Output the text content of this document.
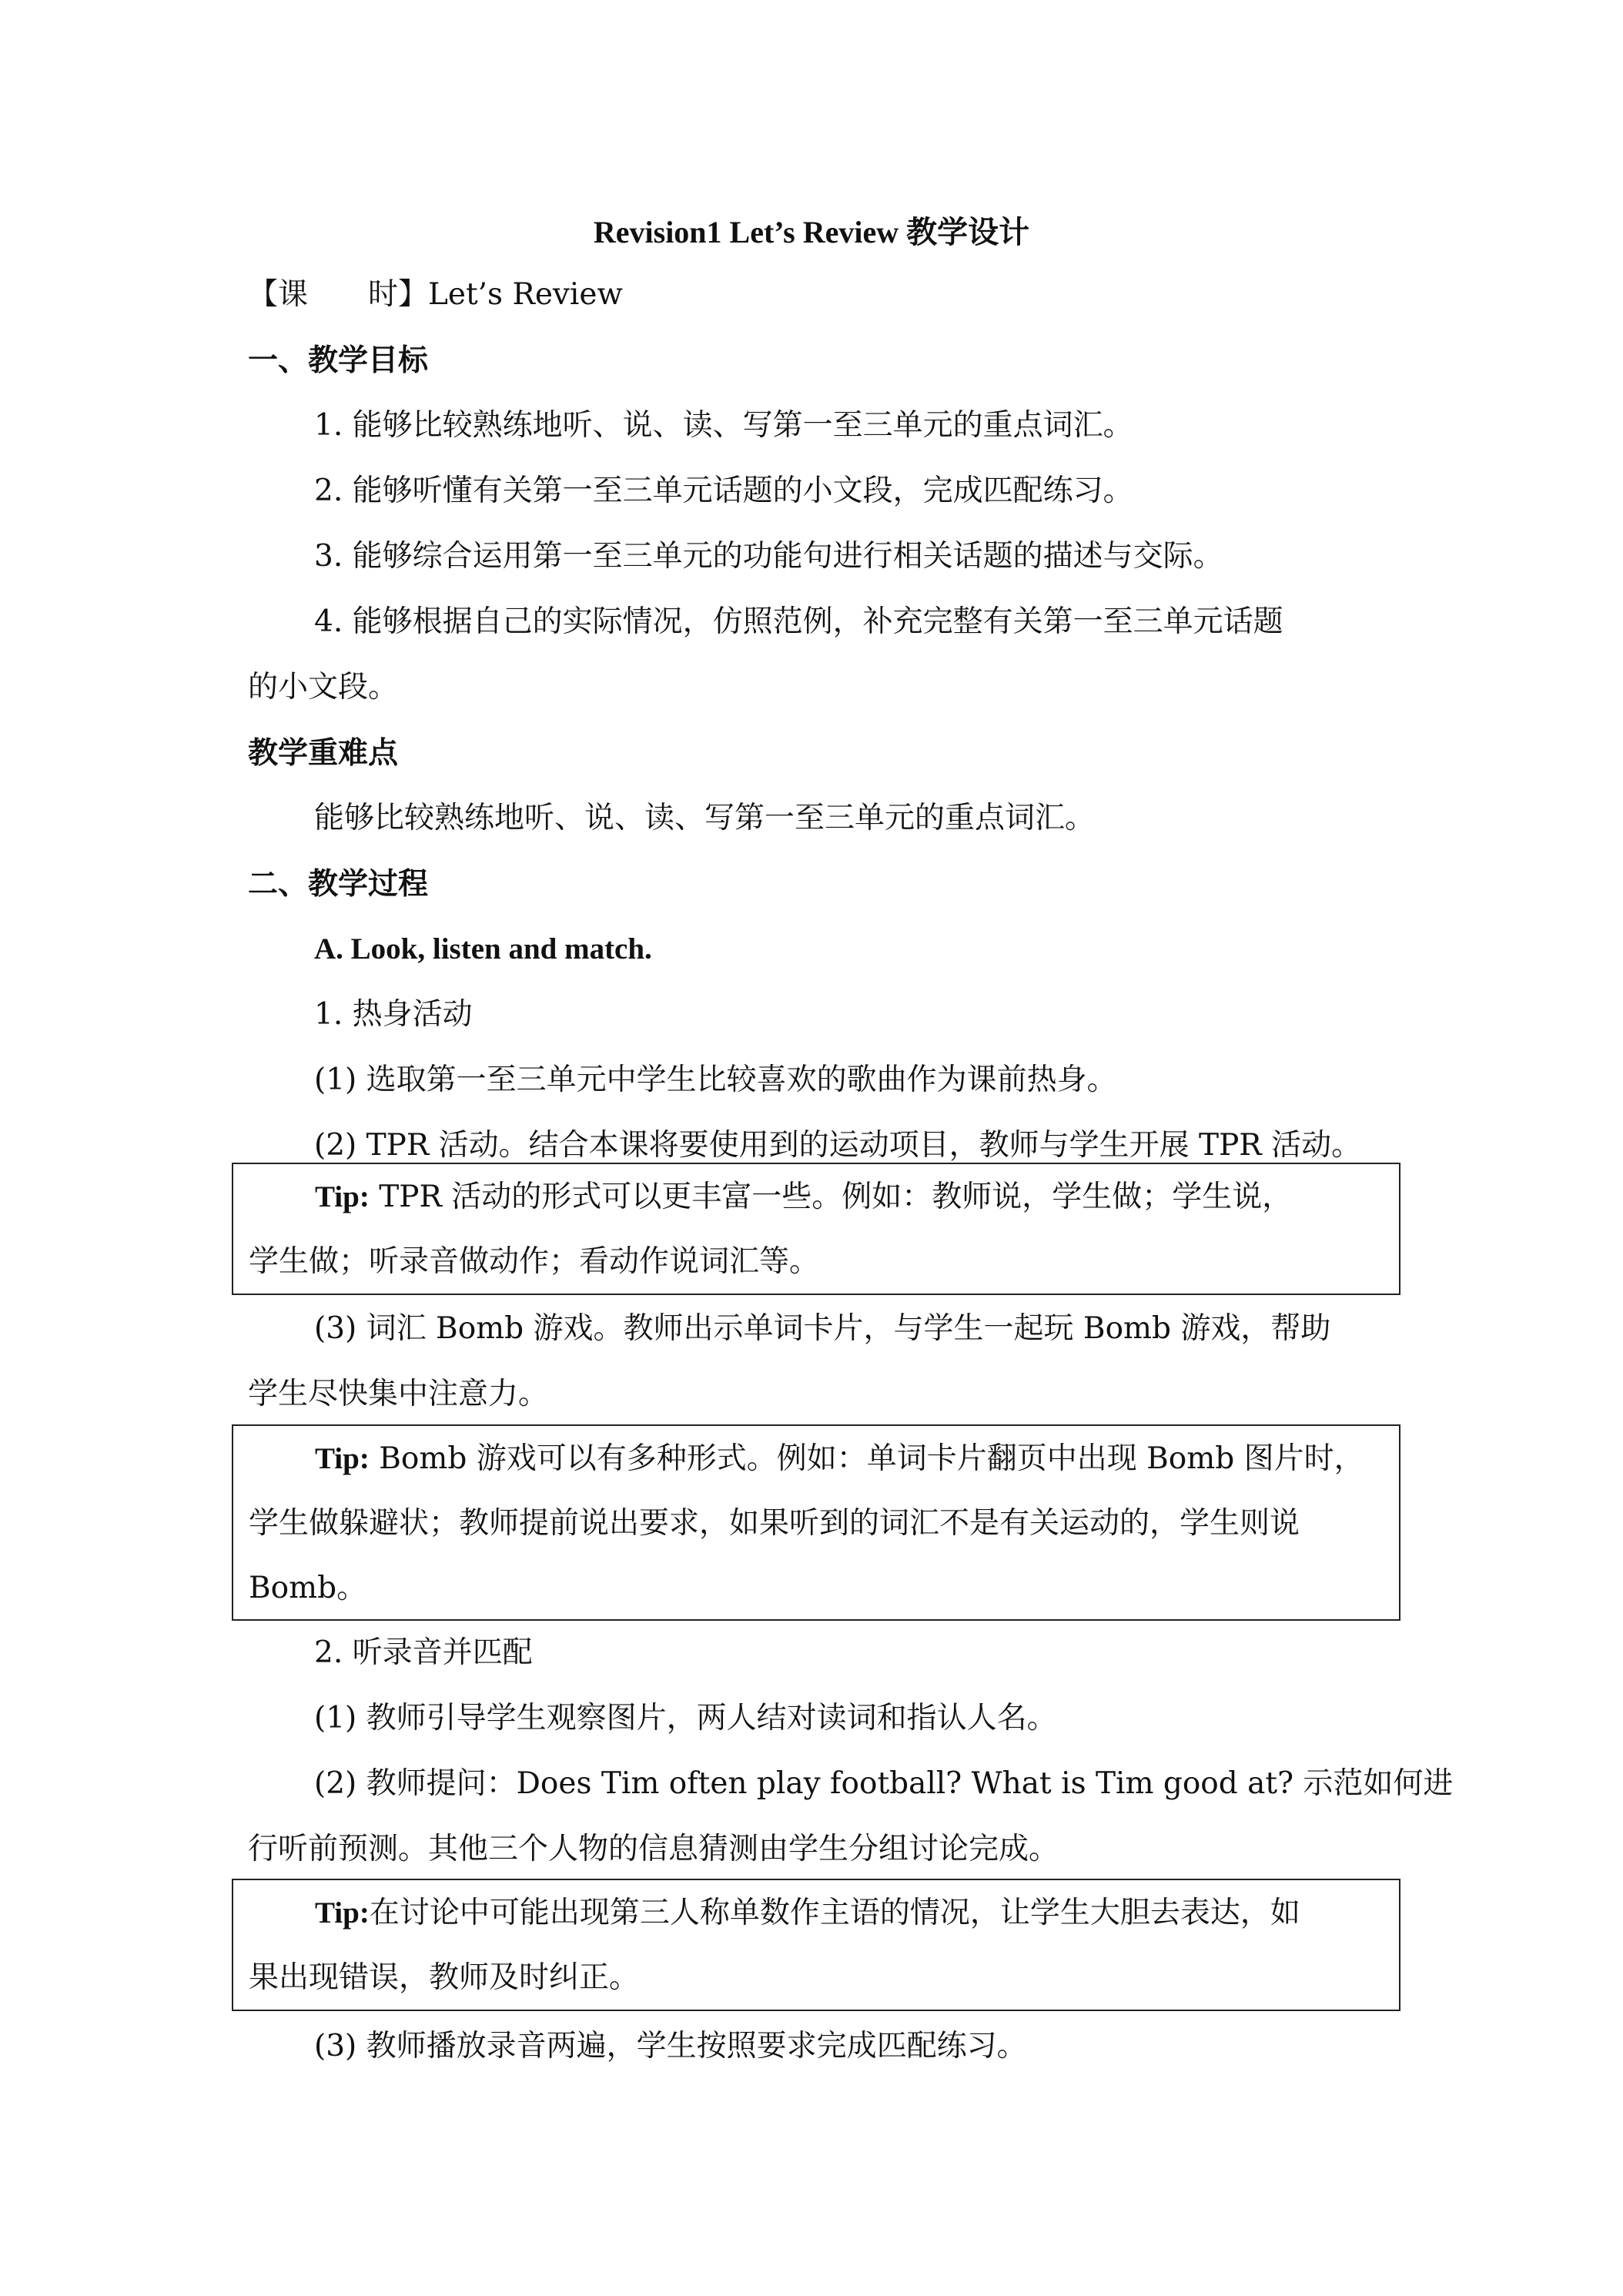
Revision1 Let’s Review 教学设计
【课　　时】Let’s Review
一、教学目标
1. 能够比较熟练地听、说、读、写第一至三单元的重点词汇。
2. 能够听懂有关第一至三单元话题的小文段，完成匹配练习。
3. 能够综合运用第一至三单元的功能句进行相关话题的描述与交际。
4. 能够根据自己的实际情况，仿照范例，补充完整有关第一至三单元话题
的小文段。
教学重难点
能够比较熟练地听、说、读、写第一至三单元的重点词汇。
二、教学过程
A. Look, listen and match.
1. 热身活动
(1) 选取第一至三单元中学生比较喜欢的歌曲作为课前热身。
(2) TPR 活动。结合本课将要使用到的运动项目，教师与学生开展 TPR 活动。
Tip: TPR 活动的形式可以更丰富一些。例如：教师说，学生做；学生说，
学生做；听录音做动作；看动作说词汇等。
(3) 词汇 Bomb 游戏。教师出示单词卡片，与学生一起玩 Bomb 游戏，帮助
学生尽快集中注意力。
Tip: Bomb 游戏可以有多种形式。例如：单词卡片翻页中出现 Bomb 图片时，
学生做躲避状；教师提前说出要求，如果听到的词汇不是有关运动的，学生则说
Bomb。
2. 听录音并匹配
(1) 教师引导学生观察图片，两人结对读词和指认人名。
(2) 教师提问：Does Tim often play football? What is Tim good at? 示范如何进
行听前预测。其他三个人物的信息猜测由学生分组讨论完成。
Tip:在讨论中可能出现第三人称单数作主语的情况，让学生大胆去表达，如
果出现错误，教师及时纠正。
(3) 教师播放录音两遍，学生按照要求完成匹配练习。
